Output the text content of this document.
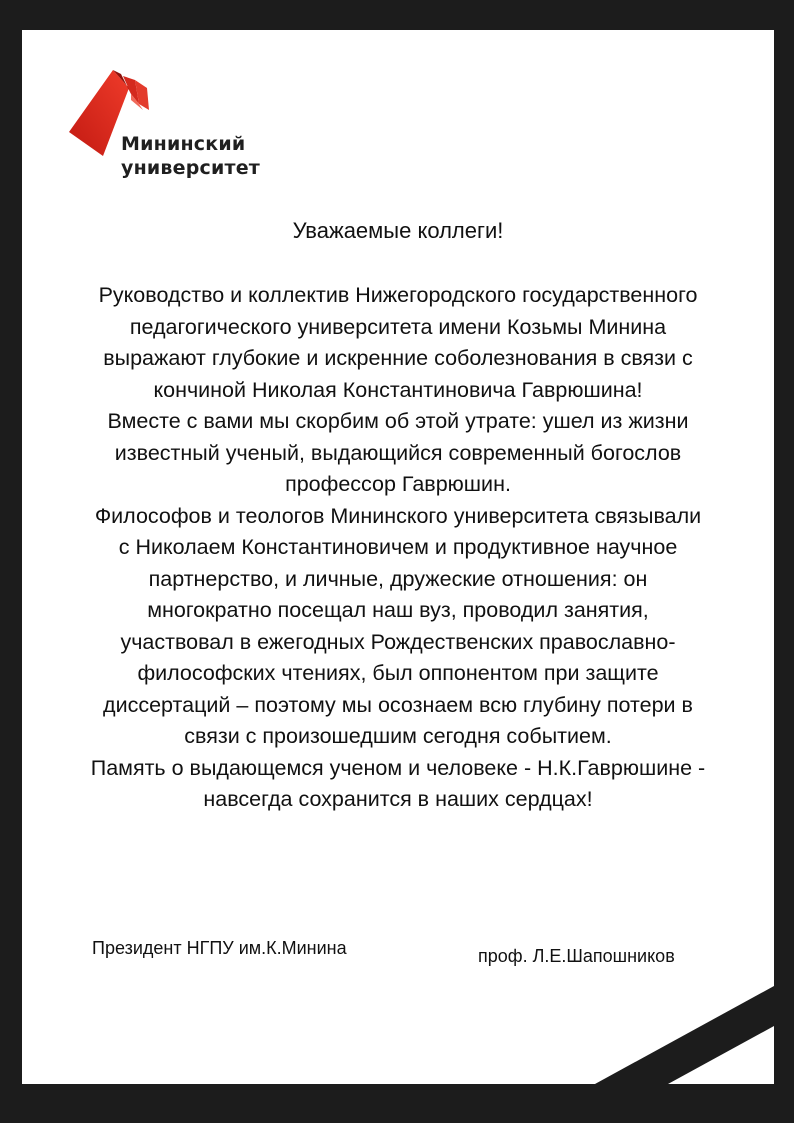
Мининский
университет
Уважаемые коллеги!
Руководство и коллектив Нижегородского государственного
педагогического университета имени Козьмы Минина
выражают глубокие и искренние соболезнования в связи с
кончиной Николая Константиновича Гаврюшина!
Вместе с вами мы скорбим об этой утрате: ушел из жизни
известный ученый, выдающийся современный богослов
профессор Гаврюшин.
Философов и теологов Мининского университета связывали
с Николаем Константиновичем и продуктивное научное
партнерство, и личные, дружеские отношения: он
многократно посещал наш вуз, проводил занятия,
участвовал в ежегодных Рождественских православно-
философских чтениях, был оппонентом при защите
диссертаций – поэтому мы осознаем всю глубину потери в
связи с произошедшим сегодня событием.
Память о выдающемся ученом и человеке - Н.К.Гаврюшине -
навсегда сохранится в наших сердцах!
Президент НГПУ им.К.Минина	проф. Л.Е.Шапошников
